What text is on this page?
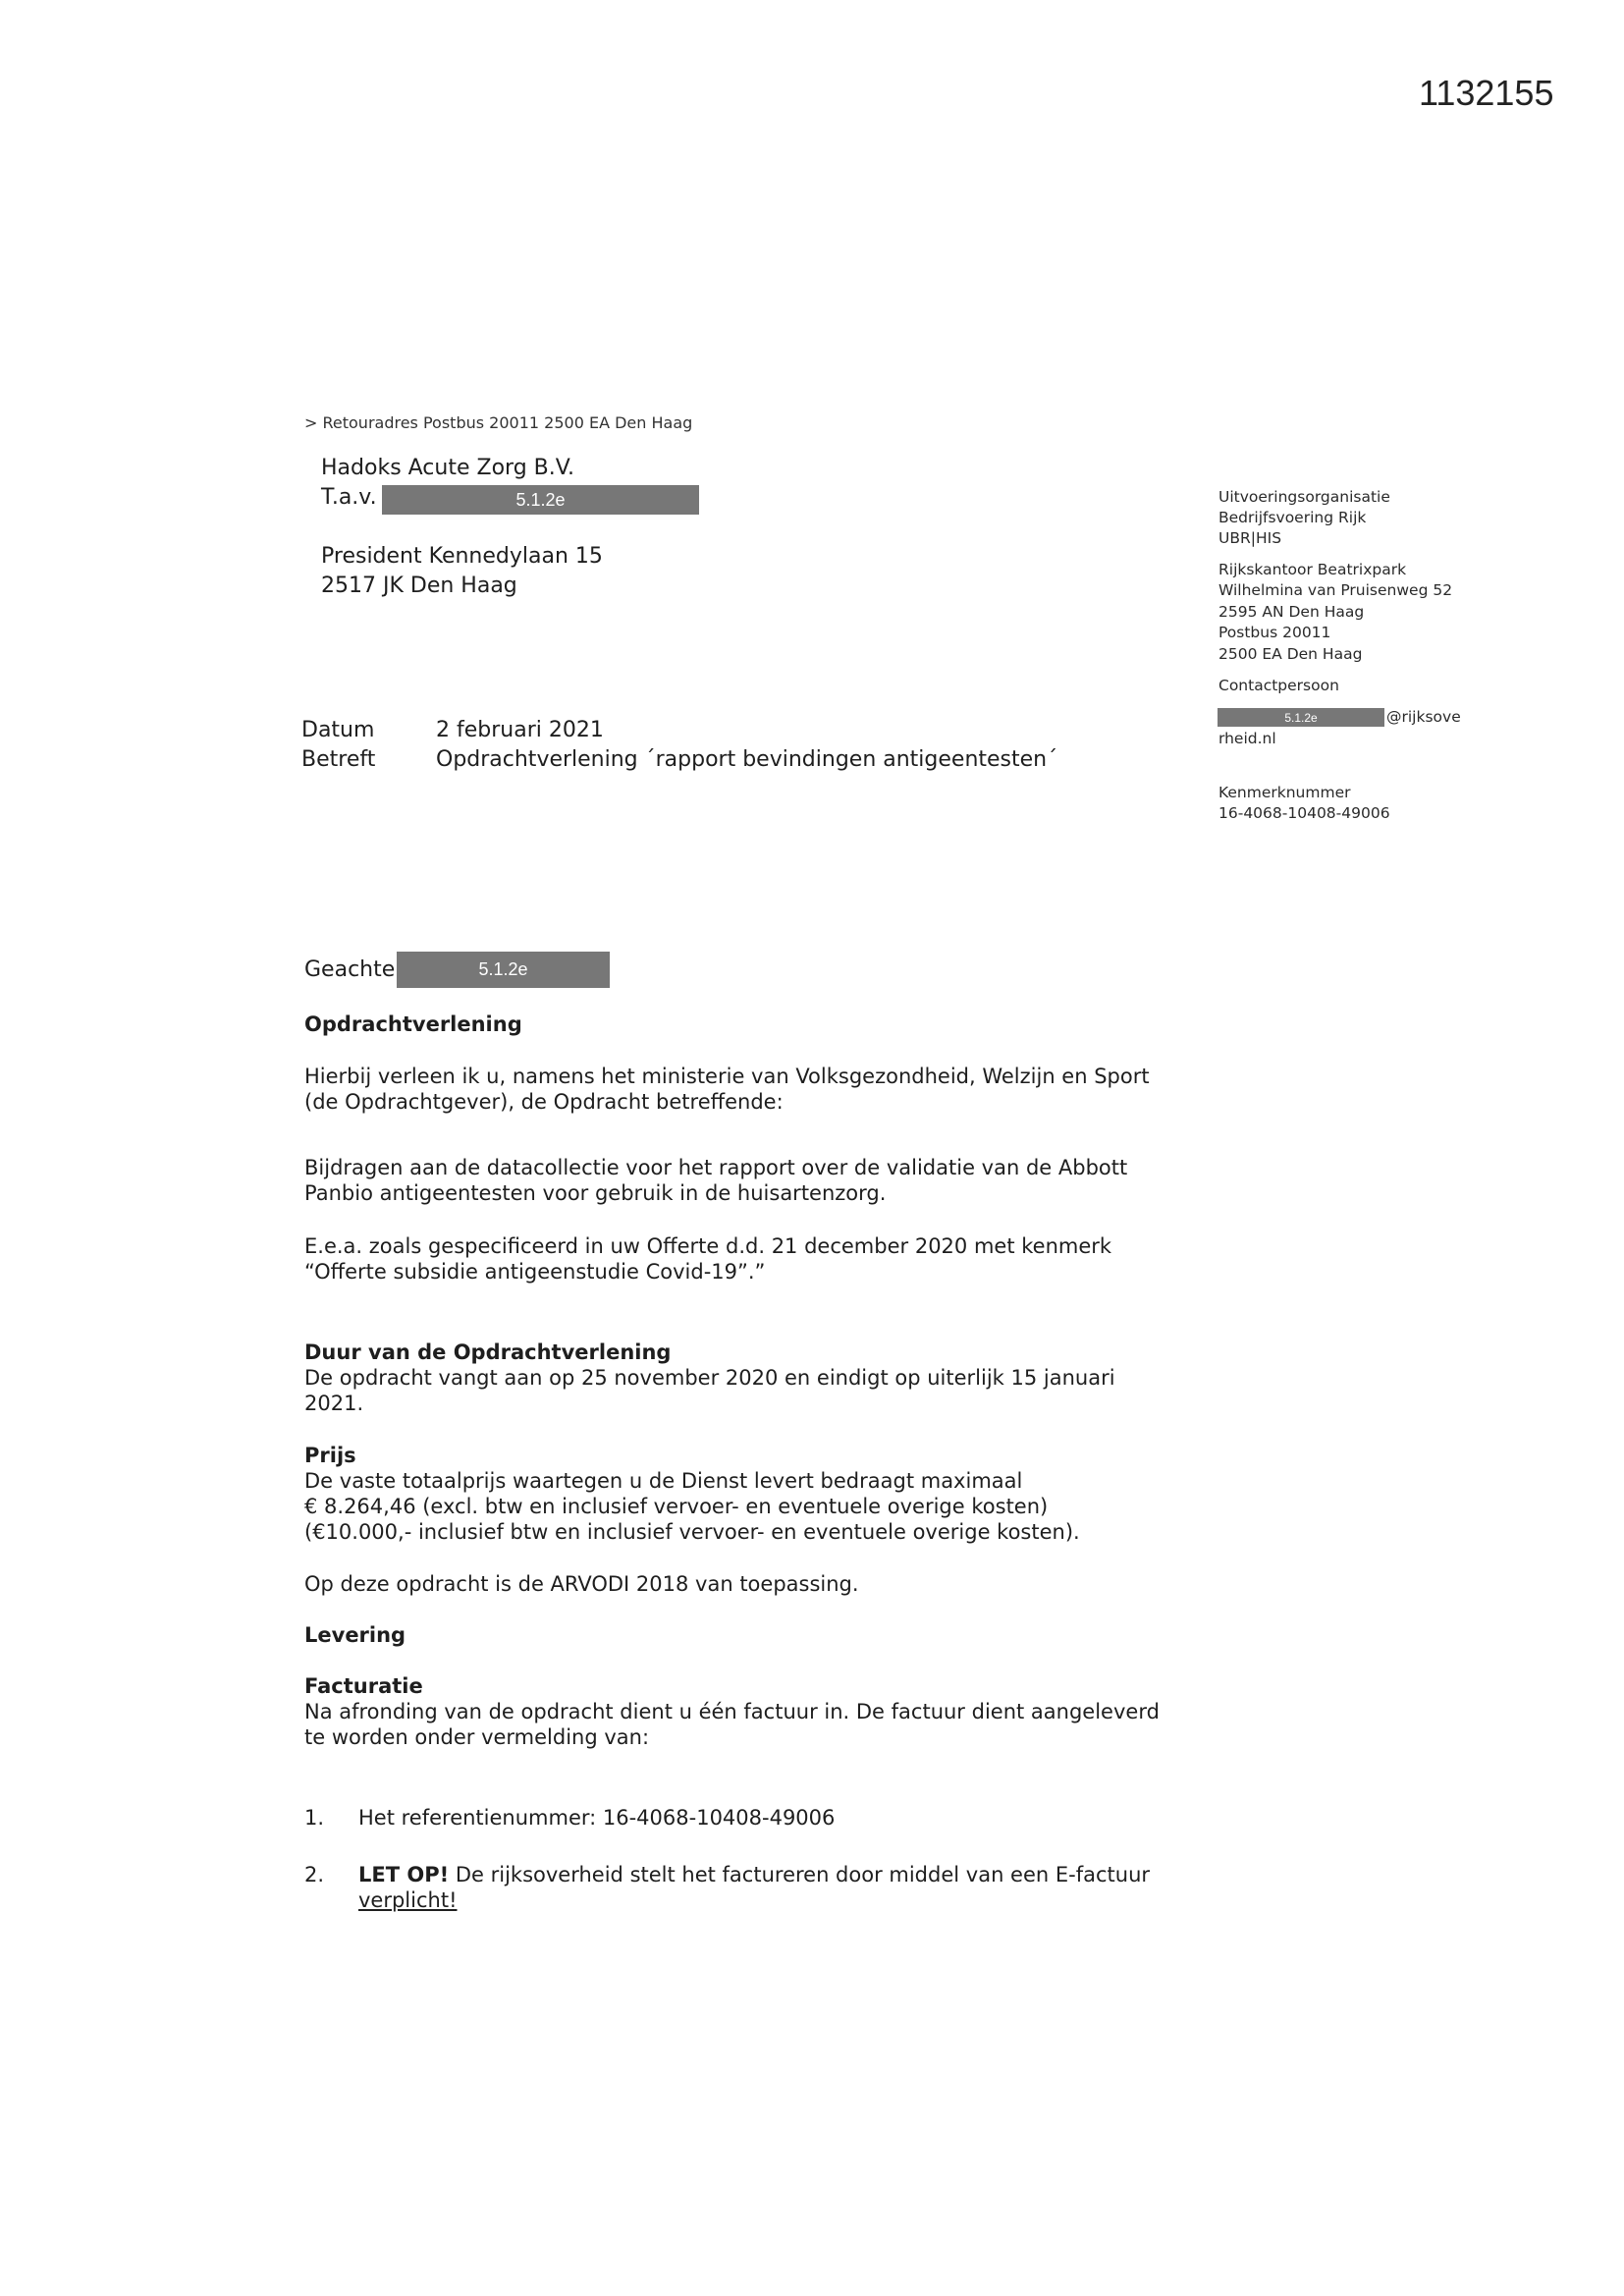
1132155
> Retouradres Postbus 20011 2500 EA Den Haag
Hadoks Acute Zorg B.V.
T.a.v.	5.1.2e
President Kennedylaan 15
2517 JK Den Haag
Uitvoeringsorganisatie
Bedrijfsvoering Rijk
UBR|HIS
Rijkskantoor Beatrixpark
Wilhelmina van Pruisenweg 52
2595 AN Den Haag
Postbus 20011
2500 EA Den Haag
Contactpersoon
5.1.2e	@rijksove
rheid.nl
Kenmerknummer
16-4068-10408-49006
Datum	2 februari 2021
Betreft	Opdrachtverlening ´rapport bevindingen antigeentesten´
Geachte	5.1.2e
Opdrachtverlening
Hierbij verleen ik u, namens het ministerie van Volksgezondheid, Welzijn en Sport
(de Opdrachtgever), de Opdracht betreffende:
Bijdragen aan de datacollectie voor het rapport over de validatie van de Abbott
Panbio antigeentesten voor gebruik in de huisartenzorg.
E.e.a. zoals gespecificeerd in uw Offerte d.d. 21 december 2020 met kenmerk
“Offerte subsidie antigeenstudie Covid-19”.”
Duur van de Opdrachtverlening
De opdracht vangt aan op 25 november 2020 en eindigt op uiterlijk 15 januari
2021.
Prijs
De vaste totaalprijs waartegen u de Dienst levert bedraagt maximaal
€ 8.264,46 (excl. btw en inclusief vervoer- en eventuele overige kosten)
(€10.000,- inclusief btw en inclusief vervoer- en eventuele overige kosten).
Op deze opdracht is de ARVODI 2018 van toepassing.
Levering
Facturatie
Na afronding van de opdracht dient u één factuur in. De factuur dient aangeleverd
te worden onder vermelding van:
1. Het referentienummer: 16-4068-10408-49006
2. LET OP! De rijksoverheid stelt het factureren door middel van een E-factuur
verplicht!
